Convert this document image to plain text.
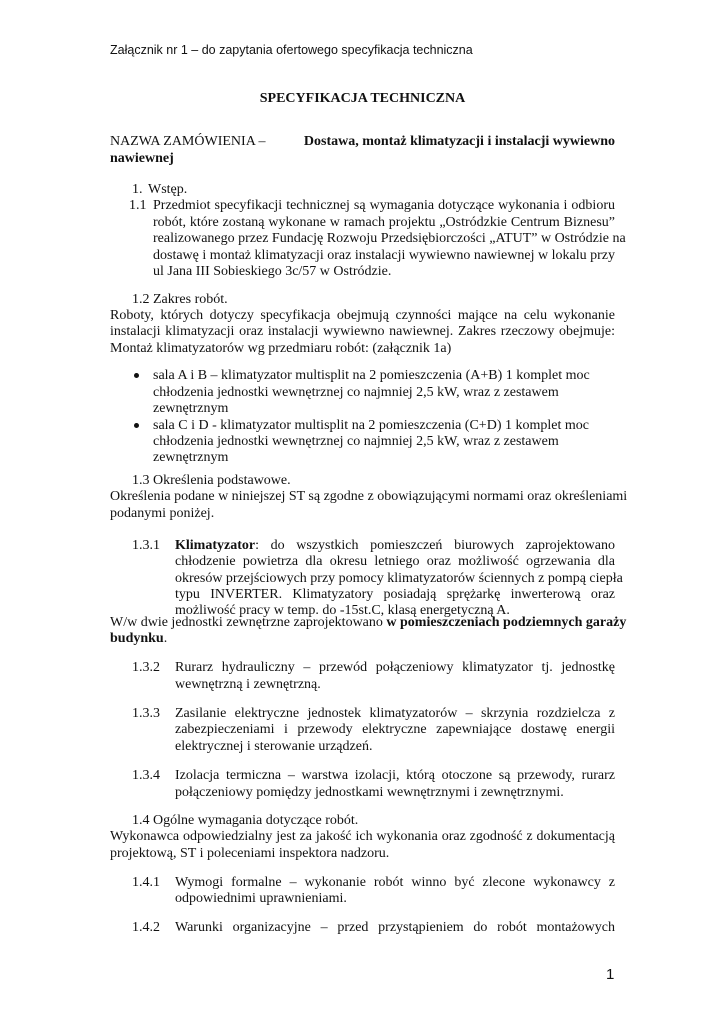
Załącznik nr 1 – do zapytania ofertowego specyfikacja techniczna
SPECYFIKACJA TECHNICZNA
NAZWA ZAMÓWIENIA –	Dostawa, montaż klimatyzacji i instalacji wywiewno
nawiewnej
1. Wstęp.
1.1 Przedmiot specyfikacji technicznej są wymagania dotyczące wykonania i odbioru
robót, które zostaną wykonane w ramach projektu „Ostródzkie Centrum Biznesu”
realizowanego przez Fundację Rozwoju Przedsiębiorczości „ATUT” w Ostródzie na
dostawę i montaż klimatyzacji oraz instalacji wywiewno nawiewnej w lokalu przy
ul Jana III Sobieskiego 3c/57 w Ostródzie.
1.2 Zakres robót.
Roboty, których dotyczy specyfikacja obejmują czynności mające na celu wykonanie
instalacji klimatyzacji oraz instalacji wywiewno nawiewnej. Zakres rzeczowy obejmuje:
Montaż klimatyzatorów wg przedmiaru robót: (załącznik 1a)
sala A i B – klimatyzator multisplit na 2 pomieszczenia (A+B) 1 komplet moc
chłodzenia jednostki wewnętrznej co najmniej 2,5 kW, wraz z zestawem
zewnętrznym
sala C i D - klimatyzator multisplit na 2 pomieszczenia (C+D) 1 komplet moc
chłodzenia jednostki wewnętrznej co najmniej 2,5 kW, wraz z zestawem
zewnętrznym
1.3 Określenia podstawowe.
Określenia podane w niniejszej ST są zgodne z obowiązującymi normami oraz określeniami
podanymi poniżej.
1.3.1 Klimatyzator :  do  wszystkich  pomieszczeń  biurowych  zaprojektowano
chłodzenie powietrza dla okresu letniego oraz możliwość ogrzewania dla
okresów przejściowych przy pomocy klimatyzatorów ściennych z pompą ciepła
typu INVERTER. Klimatyzatory posiadają sprężarkę inwerterową oraz
możliwość pracy w temp. do -15st.C, klasą energetyczną A.
W/w dwie jednostki zewnętrzne zaprojektowano w pomieszczeniach podziemnych garaży
budynku.
1.3.2 Rurarz hydrauliczny – przewód połączeniowy klimatyzator tj. jednostkę
wewnętrzną i zewnętrzną.
1.3.3 Zasilanie elektryczne jednostek klimatyzatorów – skrzynia rozdzielcza z
zabezpieczeniami i przewody elektryczne zapewniające dostawę energii
elektrycznej i sterowanie urządzeń.
1.3.4 Izolacja termiczna – warstwa izolacji, którą otoczone są przewody, rurarz
połączeniowy pomiędzy jednostkami wewnętrznymi i zewnętrznymi.
1.4 Ogólne wymagania dotyczące robót.
Wykonawca odpowiedzialny jest za jakość ich wykonania oraz zgodność z dokumentacją
projektową, ST i poleceniami inspektora nadzoru.
1.4.1 Wymogi formalne – wykonanie robót winno być zlecone wykonawcy z
odpowiednimi uprawnieniami.
1.4.2 Warunki organizacyjne – przed przystąpieniem do robót montażowych
1
